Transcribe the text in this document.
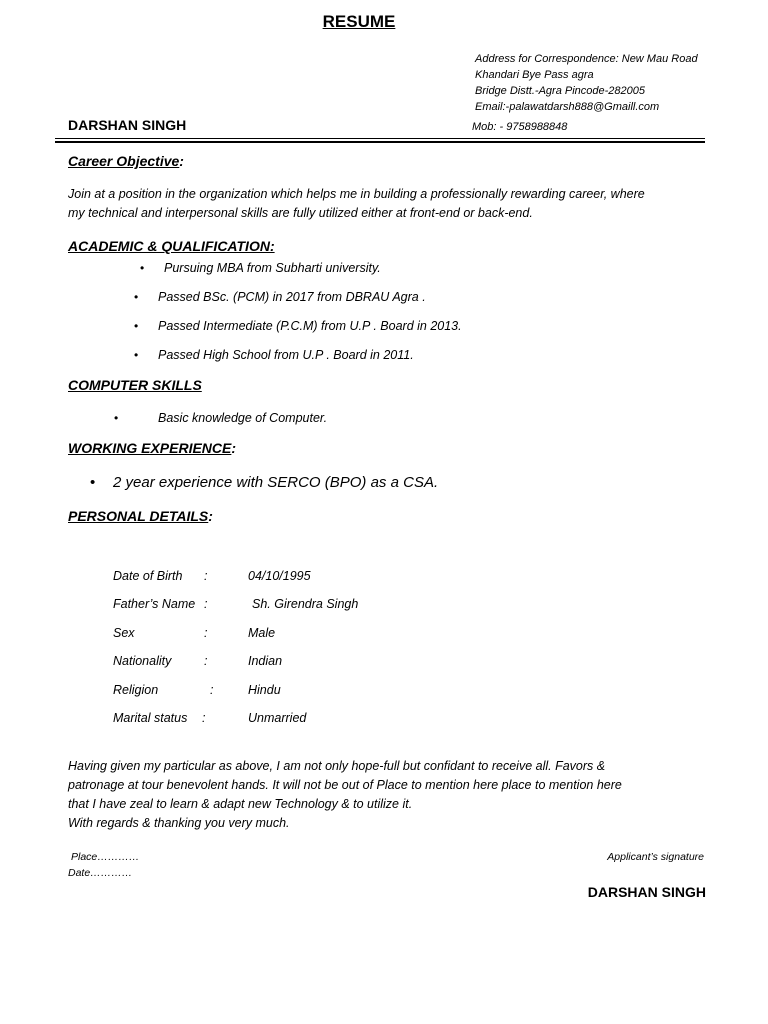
RESUME
Address for Correspondence: New Mau Road
Khandari Bye Pass agra
Bridge Distt.-Agra Pincode-282005
Email:-palawatdarsh888@Gmaill.com
DARSHAN SINGH	Mob: - 9758988848
Career Objective:
Join at a position in the organization which helps me in building a professionally rewarding career, where
my technical and interpersonal skills are fully utilized either at front-end or back-end.
ACADEMIC & QUALIFICATION:
• Pursuing MBA from Subharti university.
• Passed BSc. (PCM) in 2017 from DBRAU Agra .
• Passed Intermediate (P.C.M) from U.P . Board in 2013.
• Passed High School from U.P . Board in 2011.
COMPUTER SKILLS
•	Basic knowledge of Computer.
WORKING EXPERIENCE:
• 2 year experience with SERCO (BPO) as a CSA.
PERSONAL DETAILS:
Date of Birth :	04/10/1995
Father’s Name :	Sh. Girendra Singh
Sex	:	Male
Nationality	:	Indian
Religion	:	Hindu
Marital status :	Unmarried
Having given my particular as above, I am not only hope-full but confidant to receive all. Favors &
patronage at tour benevolent hands. It will not be out of Place to mention here place to mention here
that I have zeal to learn & adapt new Technology & to utilize it.
With regards & thanking you very much.
Place…………
Date…………
Applicant’s signature
DARSHAN SINGH
